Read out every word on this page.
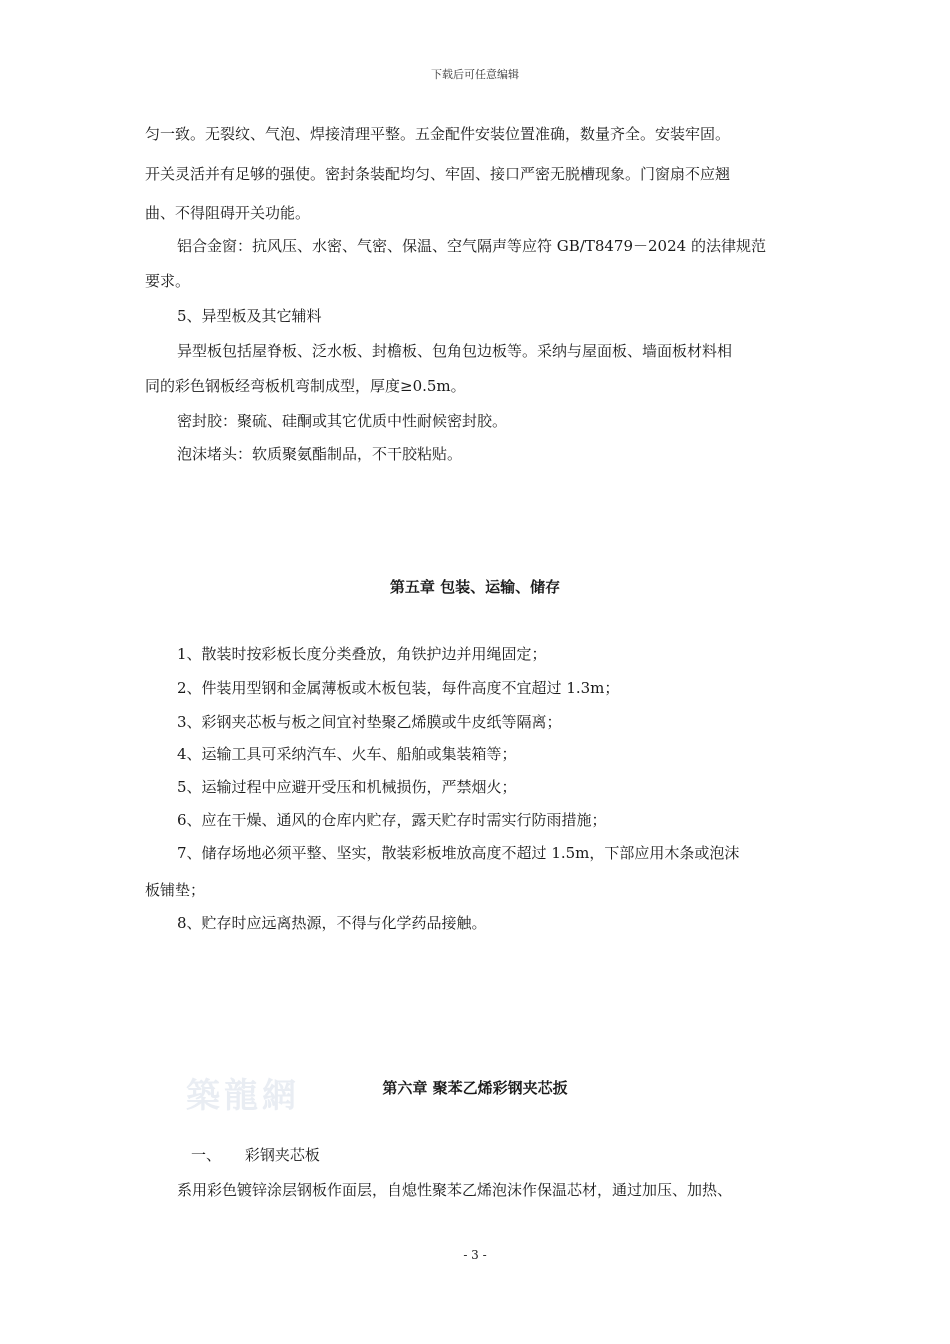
下载后可任意编辑
匀一致。无裂纹、气泡、焊接清理平整。五金配件安装位置准确，数量齐全。安装牢固。
开关灵活并有足够的强使。密封条装配均匀、牢固、接口严密无脱槽现象。门窗扇不应翘
曲、不得阻碍开关功能。
铝合金窗：抗风压、水密、气密、保温、空气隔声等应符 GB/T8479－2024 的法律规范
要求。
5、异型板及其它辅料
异型板包括屋脊板、泛水板、封檐板、包角包边板等。采纳与屋面板、墙面板材料相
同的彩色钢板经弯板机弯制成型，厚度≥0.5m。
密封胶：聚硫、硅酮或其它优质中性耐候密封胶。
泡沫堵头：软质聚氨酯制品，不干胶粘贴。
第五章 包装、运输、储存
1、散装时按彩板长度分类叠放，角铁护边并用绳固定；
2、件装用型钢和金属薄板或木板包装，每件高度不宜超过 1.3m；
3、彩钢夹芯板与板之间宜衬垫聚乙烯膜或牛皮纸等隔离；
4、运输工具可采纳汽车、火车、船舶或集装箱等；
5、运输过程中应避开受压和机械损伤，严禁烟火；
6、应在干燥、通风的仓库内贮存，露天贮存时需实行防雨措施；
7、储存场地必须平整、坚实，散装彩板堆放高度不超过 1.5m，下部应用木条或泡沫
板铺垫；
8、贮存时应远离热源，不得与化学药品接触。
築龍網	第六章 聚苯乙烯彩钢夹芯扳
一、     彩钢夹芯板
系用彩色镀锌涂层钢板作面层，自熄性聚苯乙烯泡沫作保温芯材，通过加压、加热、
- 3 -
